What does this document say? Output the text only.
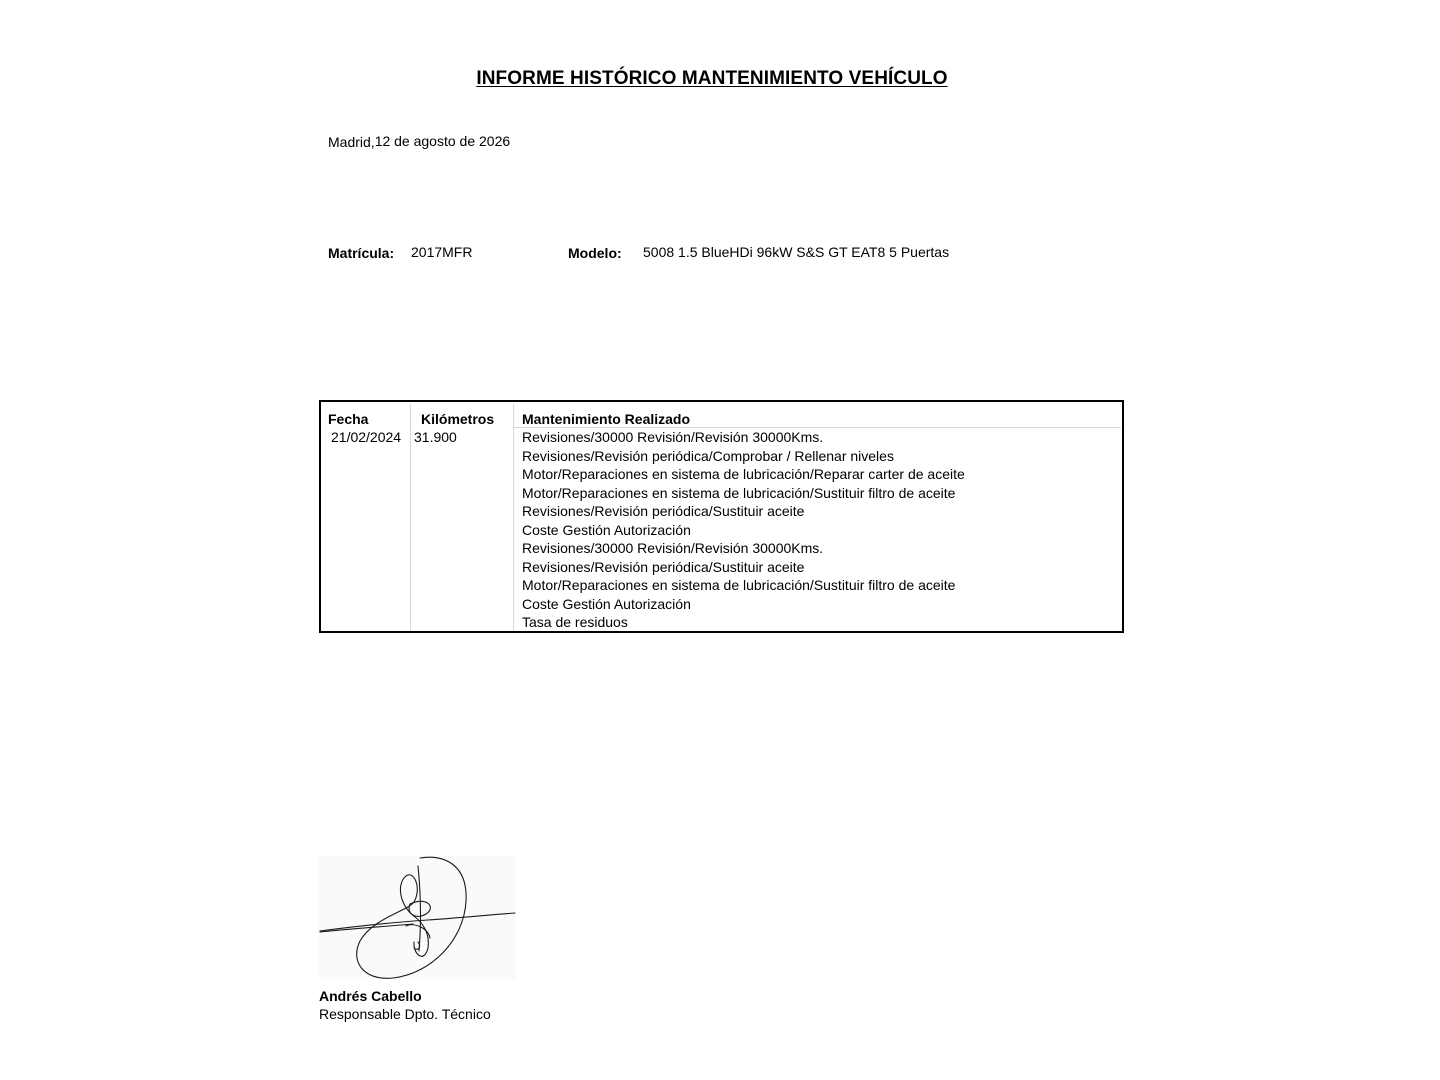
INFORME HISTÓRICO MANTENIMIENTO VEHÍCULO
Madrid,12 de agosto de 2026
Matrícula: 2017MFR	Modelo: 5008 1.5 BlueHDi 96kW S&S GT EAT8 5 Puertas
Fecha	Kilómetros Mantenimiento Realizado
21/02/2024 31.900	Revisiones/30000 Revisión/Revisión 30000Kms.
Revisiones/Revisión periódica/Comprobar / Rellenar niveles
Motor/Reparaciones en sistema de lubricación/Reparar carter de aceite
Motor/Reparaciones en sistema de lubricación/Sustituir filtro de aceite
Revisiones/Revisión periódica/Sustituir aceite
Coste Gestión Autorización
Revisiones/30000 Revisión/Revisión 30000Kms.
Revisiones/Revisión periódica/Sustituir aceite
Motor/Reparaciones en sistema de lubricación/Sustituir filtro de aceite
Coste Gestión Autorización
Tasa de residuos
Andrés Cabello
Responsable Dpto. Técnico
